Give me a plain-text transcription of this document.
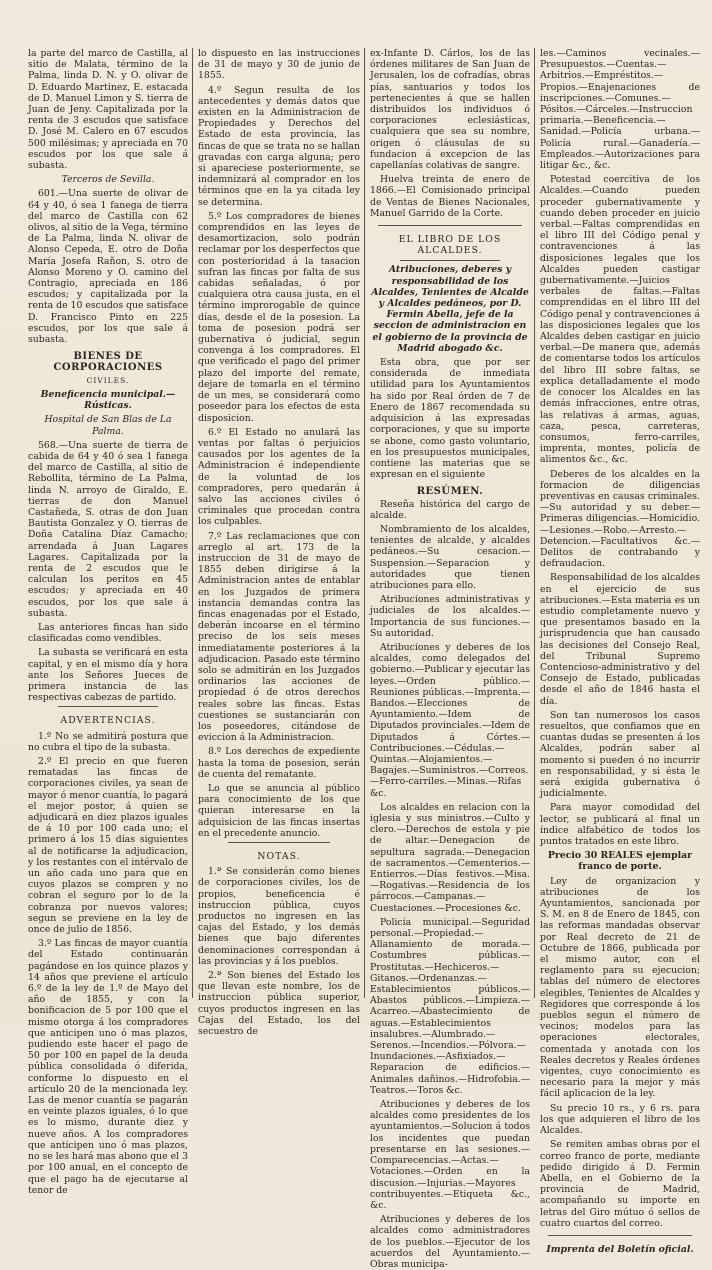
la parte del marco de Castilla, al sitio de Malata, término de la Palma, linda D. N. y O. olivar de D. Eduardo Martinez, E. estacada de D. Manuel Limon y S. tierra de Juan de Jeny. Capitalizada por la renta de 3 escudos que satisface D. José M. Calero en 67 escudos 500 milésimas; y apreciada en 70 escudos por los que sale á subasta.

Terceros de Sevilla.

601.—Una suerte de olivar de 64 y 40, ó sea 1 fanega de tierra del marco de Castilla con 62 olivos, al sitio de la Vega, término de La Palma, linda N. olivar de Alonso Cepeda, E. otro de Doña María Josefa Rañon, S. otro de Alonso Moreno y O. camino del Contragio, apreciada en 186 escudos; y capitalizada por la renta de 10 escudos que satisface D. Francisco Pinto en 225 escudos, por los que sale á subasta.

BIENES DE CORPORACIONES

CIVILES.

Beneficencia municipal.—Rústicas.

Hospital de San Blas de La Palma.

568.—Una suerte de tierra de cabida de 64 y 40 ó sea 1 fanega del marco de Castilla, al sitio de Rebollita, término de La Palma, linda N. arroyo de Giraldo, E. tierras de don Manuel Castañeda, S. otras de don Juan Bautista Gonzalez y O. tierras de Doña Catalina Díaz Camacho; arrendada á Juan Lagares Lagares. Capitalizada por la renta de 2 escudos que le calculan los peritos en 45 escudos; y apreciada en 40 escudos, por los que sale á subasta.

Las anteriores fincas han sido clasificadas como vendibles.

La subasta se verificará en esta capital, y en el mismo día y hora ante los Señores Jueces de primera instancia de las respectivas cabezas de partido.

ADVERTENCIAS.

1.º No se admitirá postura que no cubra el tipo de la subasta.

2.º El precio en que fueren rematadas las fincas de corporaciones civiles, ya sean de mayor ó menor cuantía, lo pagará el mejor postor, á quien se adjudicará en diez plazos iguales de á 10 por 100 cada uno; el primero á los 15 días siguientes al de notificarse la adjudicacion, y los restantes con el intérvalo de un año cada uno para que en cuyos plazos se compren y no cobran el seguro por lo de la cobranza por nuevos valores; segun se previene en la ley de once de julio de 1856.

3.º Las fincas de mayor cuantía del Estado continuarán pagándose en los quince plazos y 14 años que previene el artículo 6.º de la ley de 1.º de Mayo del año de 1855, y con la bonificacion de 5 por 100 que el mismo otorga á los compradores que anticipen uno ó mas plazos, pudiendo este hacer el pago de 50 por 100 en papel de la deuda pública consolidada ó diferida, conforme lo dispuesto en el artículo 20 de la mencionada ley. Las de menor cuantía se pagarán en veinte plazos iguales, ó lo que es lo mismo, durante diez y nueve años. A los compradores que anticipen uno ó mas plazos, no se les hará mas abono que el 3 por 100 anual, en el concepto de que el pago ha de ejecutarse al tenor de

lo dispuesto en las instrucciones de 31 de mayo y 30 de junio de 1855.

4.º Segun resulta de los antecedentes y demás datos que existen en la Administracion de Propiedades y Derechos del Estado de esta provincia, las fincas de que se trata no se hallan gravadas con carga alguna; pero si apareciese posteriormente, se indemnizará al comprador en los términos que en la ya citada ley se determina.

5.º Los compradores de bienes comprendidos en las leyes de desamortizacion, solo podrán reclamar por los desperfectos que con posterioridad á la tasacion sufran las fincas por falta de sus cabidas señaladas, ó por cualquiera otra causa justa, en el término improrogable de quince días, desde el de la posesion. La toma de posesion podrá ser gubernativa ó judicial, segun convenga á los compradores. El que verificado el pago del primer plazo del importe del remate, dejare de tomarla en el término de un mes, se considerará como poseedor para los efectos de esta disposicion.

6.º El Estado no anulará las ventas por faltas ó perjuicios causados por los agentes de la Administracion é independiente de la voluntad de los compradores, pero quedarán á salvo las acciones civiles ó criminales que procedan contra los culpables.

7.º Las reclamaciones que con arreglo al art. 173 de la instruccion de 31 de mayo de 1855 deben dirigirse á la Administracion antes de entablar en los Juzgados de primera instancia demandas contra las fincas enagenadas por el Estado, deberán incoarse en el término preciso de los seis meses inmediatamente posteriores á la adjudicacion. Pasado este término solo se admitirán en los Juzgados ordinarios las acciones de propiedad ó de otros derechos reales sobre las fincas. Estas cuestiones se sustanciarán con los poseedores, citándose de eviccion á la Administracion.

8.º Los derechos de expediente hasta la toma de posesion, serán de cuenta del rematante.

Lo que se anuncia al público para conocimiento de los que quieran interesarse en la adquisicion de las fincas insertas en el precedente anuncio.

NOTAS.

1.ª Se considerán como bienes de corporaciones civiles, los de propios, beneficencia é instruccion pública, cuyos productos no ingresen en las cajas del Estado, y los demás bienes que bajo diferentes denominaciones correspondan á las provincias y á los pueblos.

2.ª Son bienes del Estado los que llevan este nombre, los de instruccion pública superior, cuyos productos ingresen en las Cajas del Estado, los del secuestro de

ex-Infante D. Cárlos, los de las órdenes militares de San Juan de Jerusalen, los de cofradías, obras pías, santuarios y todos los pertenecientes á que se hallen distribuidos los individuos ó corporaciones eclesiásticas, cualquiera que sea su nombre, origen ó cláusulas de su fundacion á excepcion de las capellanías colativas de sangre.

Huelva treinta de enero de 1866.—El Comisionado principal de Ventas de Bienes Nacionales, Manuel Garrido de la Corte.

EL LIBRO DE LOS ALCALDES.

Atribuciones, deberes y responsabilidad de los Alcaldes, Tenientes de Alcalde y Alcaldes pedáneos, por D. Fermin Abella, jefe de la seccion de administracion en el gobierno de la provincia de Madrid abogado &c.

Esta obra, que por ser considerada de inmediata utilidad para los Ayuntamientos ha sido por Real órden de 7 de Enero de 1867 recomendada su adquisicion á las expresadas corporaciones, y que su importe se abone, como gasto voluntario, en los presupuestos municipales, contiene las materias que se expresan en el siguiente

RESÚMEN.

Reseña histórica del cargo de alcalde.

Nombramiento de los alcaldes, tenientes de alcalde, y alcaldes pedáneos.—Su cesacion.—Suspension.—Separacion y autoridades que tienen atribuciones para ello.

Atribuciones administrativas y judiciales de los alcaldes.—Importancia de sus funciones.—Su autoridad.

Atribuciones y deberes de los alcaldes, como delegados del gobierno.—Publicar y ejecutar las leyes.—Orden público.—Reuniones públicas.—Imprenta.—Bandos.—Elecciones de Ayuntamiento.—Idem de Diputados provinciales.—Idem de Diputados á Córtes.—Contribuciones.—Cédulas.—Quintas.—Alojamientos.—Bagajes.—Suministros.—Correos.—Ferro-carriles.—Minas.—Rifas &c.

Los alcaldes en relacion con la iglesia y sus ministros.—Culto y clero.—Derechos de estola y pie de altar.—Denegacion de sepultura sagrada.—Denegacion de sacramentos.—Cementerios.—Entierros.—Días festivos.—Misa.—Rogativas.—Residencia de los párrocos.—Campanas.—Cuestaciones.—Procesiones &c.

Policía municipal.—Seguridad personal.—Propiedad.—Allanamiento de morada.—Costumbres públicas.—Prostitutas.—Hechiceros.—Gitanos.—Ordenanzas.—Establecimientos públicos.—Abastos públicos.—Limpieza.—Acarreo.—Abastecimiento de aguas.—Establecimientos insalubres.—Alumbrado.—Serenos.—Incendios.—Pólvora.—Inundaciones.—Asfixiados.—Reparacion de edificios.—Animales dañinos.—Hidrofobia.—Teatros.—Toros &c.

Atribuciones y deberes de los alcaldes como presidentes de los ayuntamientos.—Solucion á todos los incidentes que puedan presentarse en las sesiones.—Comparecencias.—Actas.—Votaciones.—Orden en la discusion.—Injurias.—Mayores contribuyentes.—Etiqueta &c., &c.

Atribuciones y deberes de los alcaldes como administradores de los pueblos.—Ejecutor de los acuerdos del Ayuntamiento.—Obras municipa-

les.—Caminos vecinales.—Presupuestos.—Cuentas.—Arbitrios.—Empréstitos.—Propios.—Enajenaciones de inscripciones.—Comunes.—Pósitos.—Cárceles.—Instruccion primaria.—Beneficencia.—Sanidad.—Policía urbana.—Policía rural.—Ganadería.—Empleados.—Autorizaciones para litigar &c., &c.

Potestad coercitiva de los Alcaldes.—Cuando pueden proceder gubernativamente y cuando deben proceder en juicio verbal.—Faltas comprendidas en el libro III del Código penal y contravenciones á las disposiciones legales que los Alcaldes pueden castigar gubernativamente.—Juicios verbales de faltas.—Faltas comprendidas en el libro III del Código penal y contravenciones á las disposiciones legales que los Alcaldes deben castigar en juicio verbal.—De manera que, además de comentarse todos los artículos del libro III sobre faltas, se explica detalladamente el modo de conocer los Alcaldes en las demás infracciones, entre otras, las relativas á armas, aguas, caza, pesca, carreteras, consumos, ferro-carriles, imprenta, montes, policía de alimentos &c., &c.

Deberes de los alcaldes en la formacion de diligencias preventivas en causas criminales.—Su autoridad y su deber.—Primeras diligencias.—Homicidio.—Lesiones.—Robo.—Arresto.—Detencion.—Facultativos &c.—Delitos de contrabando y defraudacion.

Responsabilidad de los alcaldes en el ejercicio de sus atribuciones.—Esta materia es un estudio completamente nuevo y que presentamos basado en la jurisprudencia que han causado las decisiones del Consejo Real, del Tribunal Supremo Contencioso-administrativo y del Consejo de Estado, publicadas desde el año de 1846 hasta el día.

Son tan numerosos los casos resueltos, que confiamos que en cuantas dudas se presenten á los Alcaldes, podrán saber al momento si pueden ó no incurrir en responsabilidad, y si ésta le será exigida gubernativa ó judicialmente.

Para mayor comodidad del lector, se publicará al final un índice alfabético de todos los puntos tratados en este libro.

Precio 30 REALES ejemplar franco de porte.

Ley de organizacion y atribuciones de los Ayuntamientos, sancionada por S. M. en 8 de Enero de 1845, con las reformas mandadas observar por Real decreto de 21 de Octubre de 1866, publicada por el mismo autor, con el reglamento para su ejecucion; tablas del número de electores elegibles, Tenientes de Alcaldes y Regidores que corresponde á los pueblos segun el número de vecinos; modelos para las operaciones electorales, comentada y anotada con los Reales decretos y Reales órdenes vigentes, cuyo conocimiento es necesario para la mejor y más fácil aplicacion de la ley.

Su precio 10 rs., y 6 rs. para los que adquieren el libro de los Alcaldes.

Se remiten ambas obras por el correo franco de porte, mediante pedido dirigido á D. Fermin Abella, en el Gobierno de la provincia de Madrid, acompañando su importe en letras del Giro mútuo ó sellos de cuatro cuartos del correo.

Imprenta del Boletín oficial.
